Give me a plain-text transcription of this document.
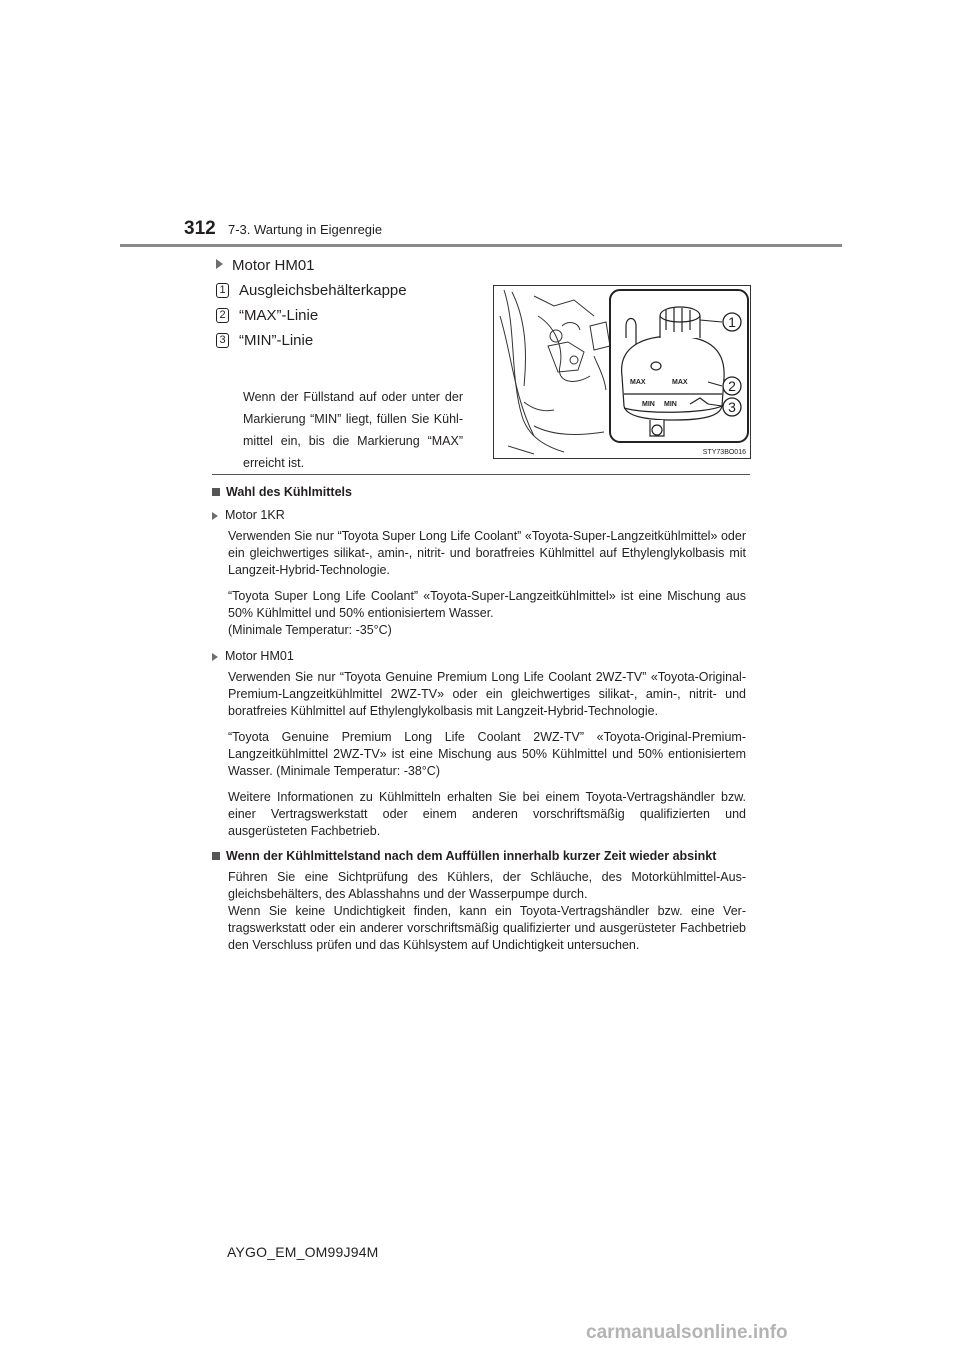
312 7-3. Wartung in Eigenregie
Motor HM01
1 Ausgleichsbehälterkappe
2 “MAX”-Linie
3 “MIN”-Linie
Wenn der Füllstand auf oder unter der Markierung “MIN” liegt, füllen Sie Kühlmittel ein, bis die Markierung “MAX” erreicht ist.
MAX	MAX
MIN MIN
1
2
3
STY73BO016
Wahl des Kühlmittels
Motor 1KR

Verwenden Sie nur “Toyota Super Long Life Coolant” «Toyota-Super-Langzeitkühlmittel» oder ein gleichwertiges silikat-, amin-, nitrit- und boratfreies Kühlmittel auf Ethylenglykolbasis mit Langzeit-Hybrid-Technologie.

“Toyota Super Long Life Coolant” «Toyota-Super-Langzeitkühlmittel» ist eine Mischung aus 50% Kühlmittel und 50% entionisiertem Wasser.

(Minimale Temperatur: -35°C)

Motor HM01

Verwenden Sie nur “Toyota Genuine Premium Long Life Coolant 2WZ-TV” «Toyota-Original-Premium-Langzeitkühlmittel 2WZ-TV» oder ein gleichwertiges silikat-, amin-, nitrit- und boratfreies Kühlmittel auf Ethylenglykolbasis mit Langzeit-Hybrid-Technologie.

“Toyota Genuine Premium Long Life Coolant 2WZ-TV” «Toyota-Original-Premium-Langzeitkühlmittel 2WZ-TV» ist eine Mischung aus 50% Kühlmittel und 50% entionisiertem Wasser. (Minimale Temperatur: -38°C)

Weitere Informationen zu Kühlmitteln erhalten Sie bei einem Toyota-Vertragshändler bzw. einer Vertragswerkstatt oder einem anderen vorschriftsmäßig qualifizierten und ausgerüsteten Fachbetrieb.

Wenn der Kühlmittelstand nach dem Auffüllen innerhalb kurzer Zeit wieder absinkt

Führen Sie eine Sichtprüfung des Kühlers, der Schläuche, des Motorkühlmittel-Ausgleichsbehälters, des Ablasshahns und der Wasserpumpe durch.

Wenn Sie keine Undichtigkeit finden, kann ein Toyota-Vertragshändler bzw. eine Vertragswerkstatt oder ein anderer vorschriftsmäßig qualifizierter und ausgerüsteter Fachbetrieb den Verschluss prüfen und das Kühlsystem auf Undichtigkeit untersuchen.

AYGO_EM_OM99J94M
carmanualsonline.info
